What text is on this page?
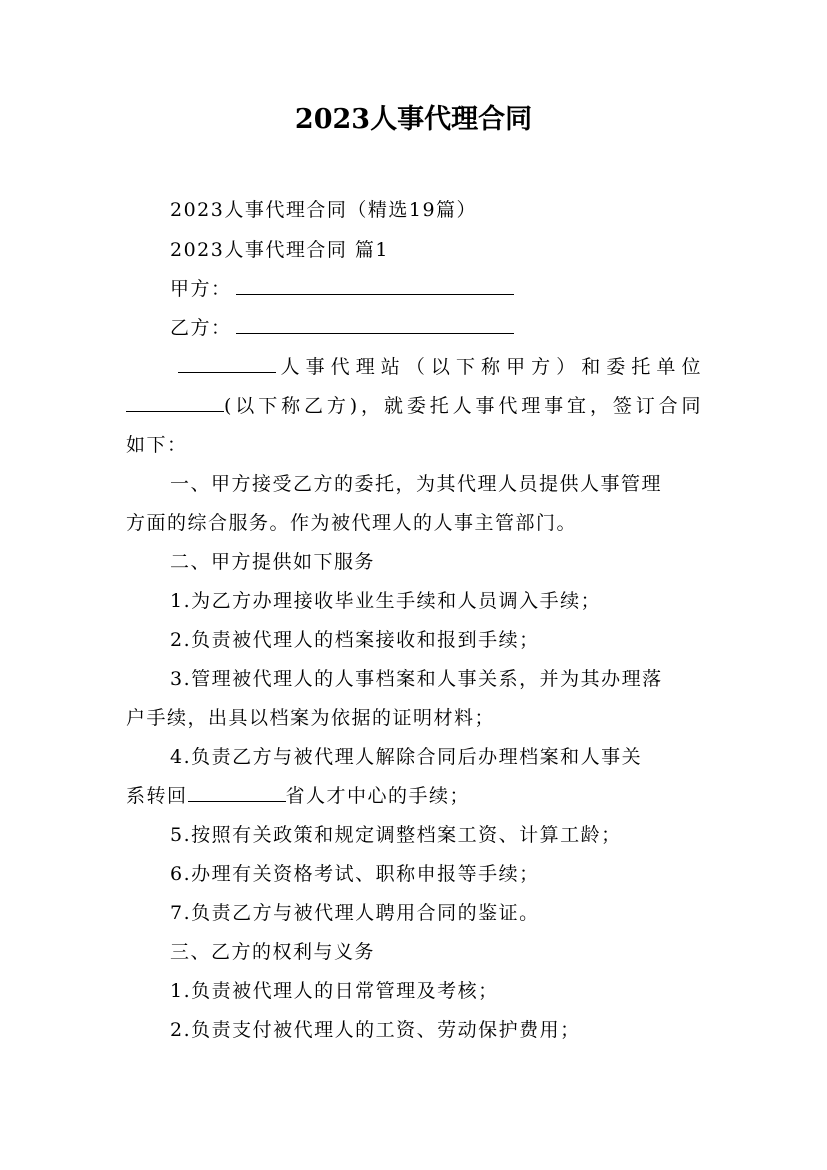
2023人事代理合同
2023人事代理合同（精选19篇）
2023人事代理合同 篇1
甲方：
乙方：
人事代理站（以下称甲方）和委托单位
(以下称乙方)，就委托人事代理事宜，签订合同
如下：
一、甲方接受乙方的委托，为其代理人员提供人事管理
方面的综合服务。作为被代理人的人事主管部门。
二、甲方提供如下服务
1.为乙方办理接收毕业生手续和人员调入手续；
2.负责被代理人的档案接收和报到手续；
3.管理被代理人的人事档案和人事关系，并为其办理落
户手续，出具以档案为依据的证明材料；
4.负责乙方与被代理人解除合同后办理档案和人事关
系转回	省人才中心的手续；
5.按照有关政策和规定调整档案工资、计算工龄；
6.办理有关资格考试、职称申报等手续；
7.负责乙方与被代理人聘用合同的鉴证。
三、乙方的权利与义务
1.负责被代理人的日常管理及考核；
2.负责支付被代理人的工资、劳动保护费用；
